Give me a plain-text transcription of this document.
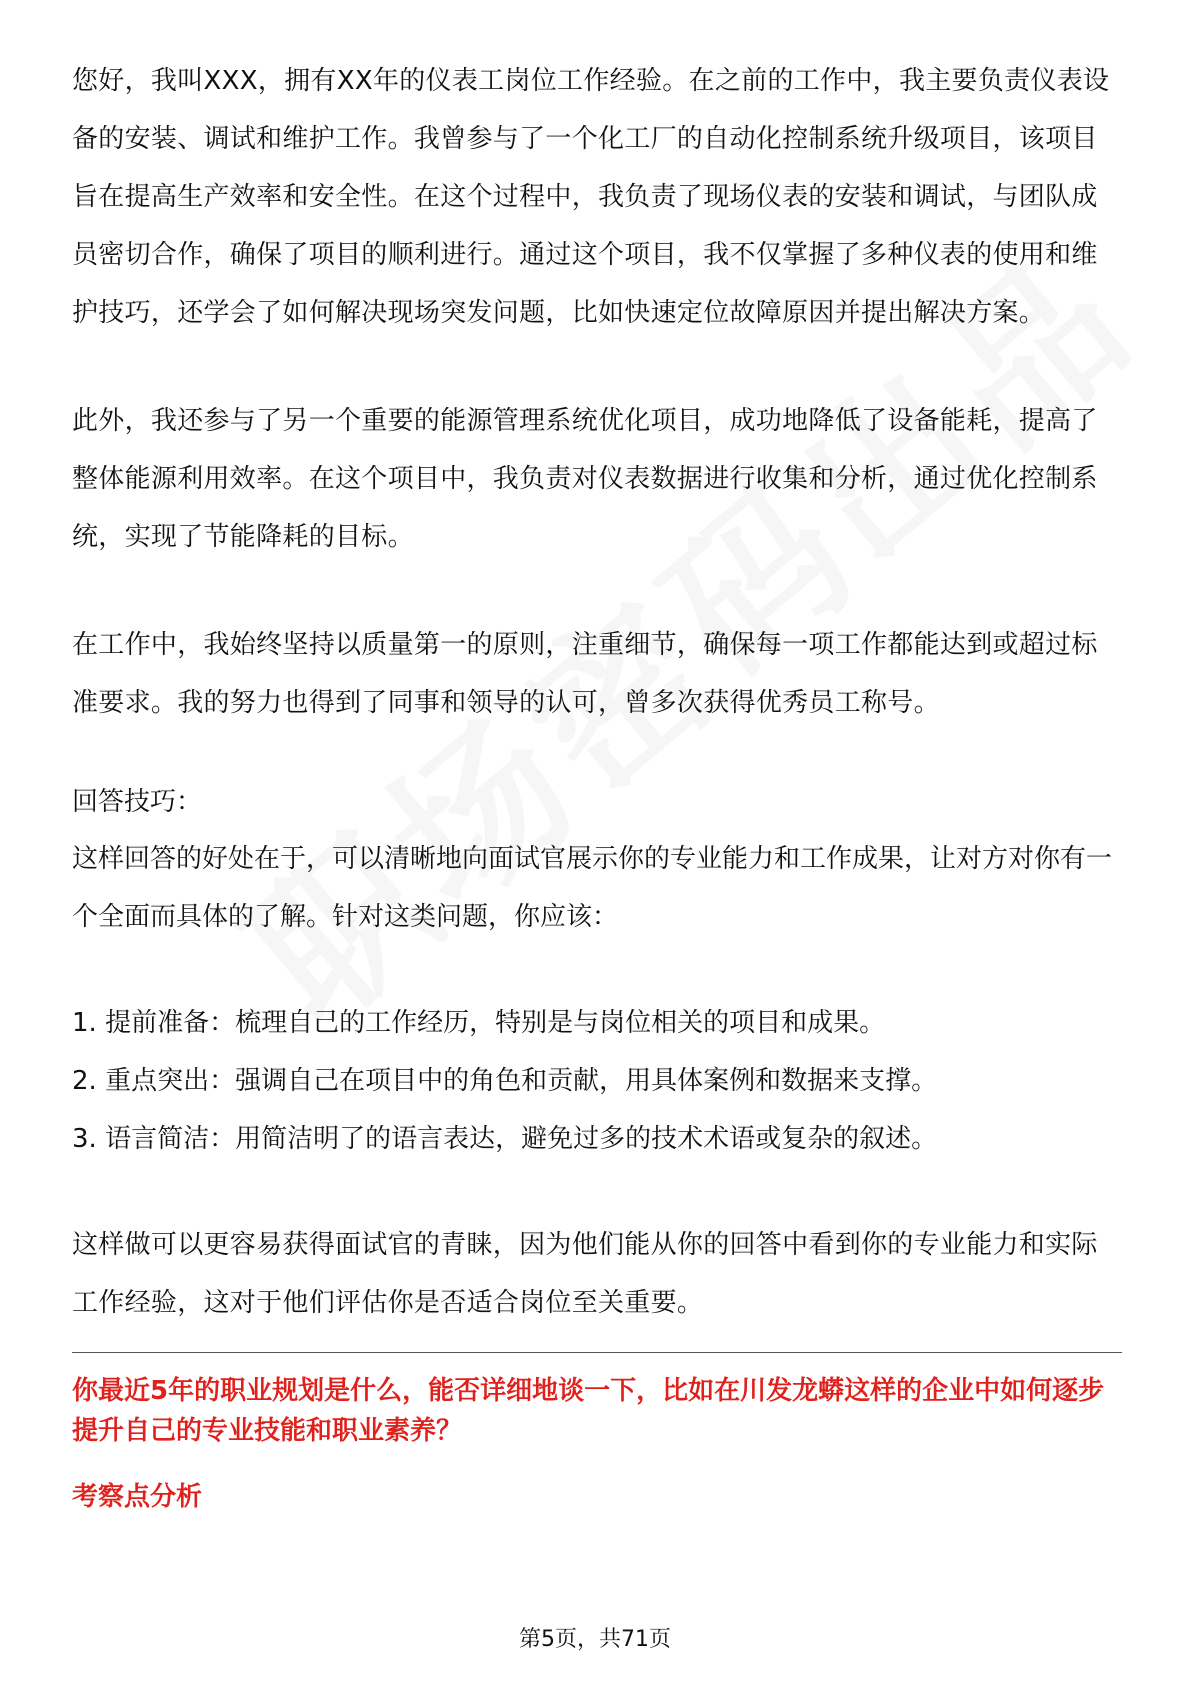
您好，我叫XXX，拥有XX年的仪表工岗位工作经验。在之前的工作中，我主要负责仪表设备的安装、调试和维护工作。我曾参与了一个化工厂的自动化控制系统升级项目，该项目旨在提高生产效率和安全性。在这个过程中，我负责了现场仪表的安装和调试，与团队成员密切合作，确保了项目的顺利进行。通过这个项目，我不仅掌握了多种仪表的使用和维护技巧，还学会了如何解决现场突发问题，比如快速定位故障原因并提出解决方案。

此外，我还参与了另一个重要的能源管理系统优化项目，成功地降低了设备能耗，提高了整体能源利用效率。在这个项目中，我负责对仪表数据进行收集和分析，通过优化控制系统，实现了节能降耗的目标。

在工作中，我始终坚持以质量第一的原则，注重细节，确保每一项工作都能达到或超过标准要求。我的努力也得到了同事和领导的认可，曾多次获得优秀员工称号。

回答技巧：

这样回答的好处在于，可以清晰地向面试官展示你的专业能力和工作成果，让对方对你有一个全面而具体的了解。针对这类问题，你应该：

1. 提前准备：梳理自己的工作经历，特别是与岗位相关的项目和成果。

2. 重点突出：强调自己在项目中的角色和贡献，用具体案例和数据来支撑。

3. 语言简洁：用简洁明了的语言表达，避免过多的技术术语或复杂的叙述。

这样做可以更容易获得面试官的青睐，因为他们能从你的回答中看到你的专业能力和实际工作经验，这对于他们评估你是否适合岗位至关重要。

你最近5年的职业规划是什么，能否详细地谈一下，比如在川发龙蟒这样的企业中如何逐步提升自己的专业技能和职业素养？

考察点分析

第5页，共71页
